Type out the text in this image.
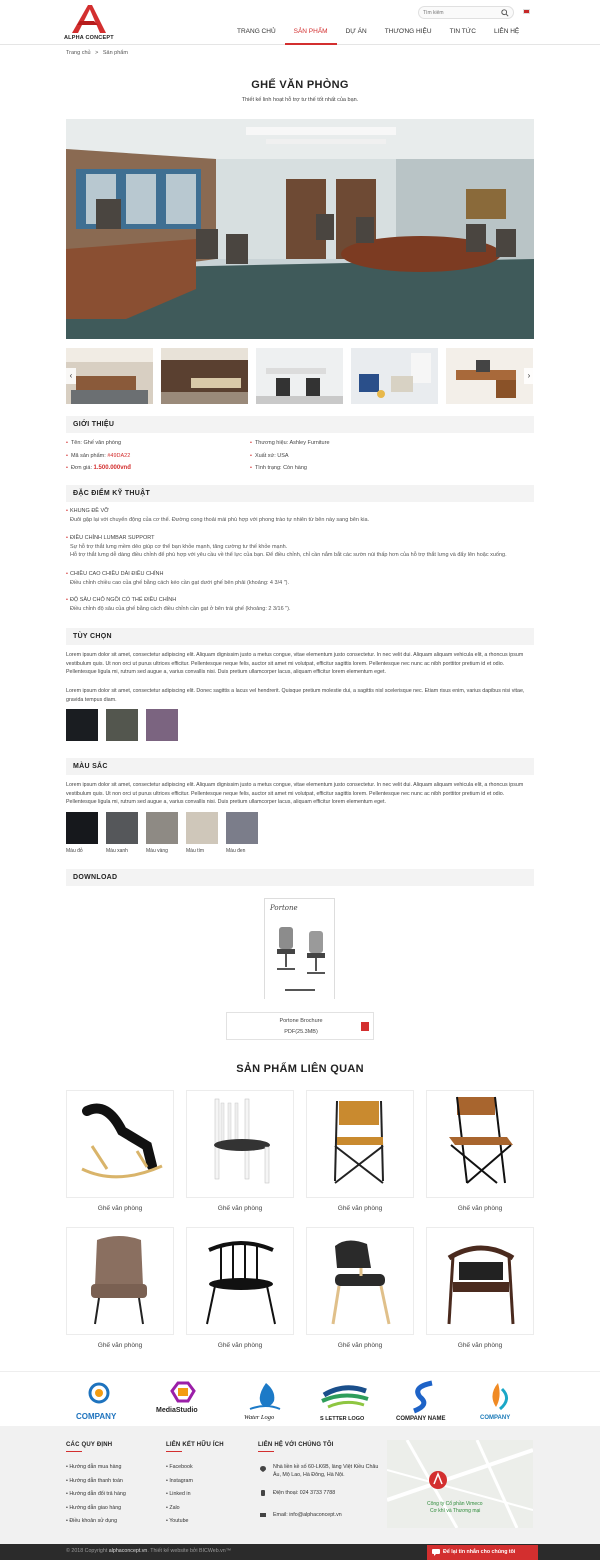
ALPHA CONCEPT
Tìm kiếm
TRANG CHỦ	SẢN PHẨM	DỰ ÁN	THƯƠNG HIỆU	TIN TỨC	LIÊN HỆ
Trang chủ > Sản phẩm
GHẾ VĂN PHÒNG
Thiết kế linh hoạt hỗ trợ tư thế tốt nhất của bạn.
‹	›
GIỚI THIỆU
• Tên: Ghế văn phòng
• Mã sản phẩm: #49DA22
• Đơn giá: 1.500.000vnđ
• Thương hiệu: Ashley Furniture
• Xuất xứ: USA
• Tình trạng: Còn hàng
ĐẶC ĐIỂM KỸ THUẬT
• KHUNG ĐỀ VỠ
Đuôi gập lại với chuyển động của cơ thể. Đường cong thoải mái phù hợp với phong trào tự nhiên từ bên này sang bên kia.
• ĐIỀU CHỈNH LUMBAR SUPPORT
Sự hỗ trợ thắt lưng mềm dẻo giúp cơ thể bạn khỏe mạnh, tăng cường tư thế khỏe mạnh.
Hỗ trợ thắt lưng dễ dàng điều chỉnh để phù hợp với yêu cầu về thể lực của bạn. Để điều chỉnh, chỉ cần nắm bắt các sườn núi thấp hơn của hỗ trợ thắt lưng và đẩy lên hoặc xuống.
• CHIỀU CAO CHIỀU DÀI ĐIỀU CHỈNH
Điều chỉnh chiều cao của ghế bằng cách kéo cần gạt dưới ghế bên phải (khoảng: 4 3/4 ").
• ĐỘ SÂU CHỖ NGỒI CÓ THỂ ĐIỀU CHỈNH
Điều chỉnh độ sâu của ghế bằng cách điều chỉnh cần gạt ở bên trái ghế (khoảng: 2 3/16 ").
TÙY CHỌN
Lorem ipsum dolor sit amet, consectetur adipiscing elit. Aliquam dignissim justo a metus congue, vitae elementum justo consectetur. In nec velit dui. Aliquam aliquam vehicula elit, a rhoncus ipsum vestibulum quis. Ut non orci ut purus ultrices efficitur. Pellentesque neque felis, auctor sit amet mi volutpat, efficitur sagittis lorem. Pellentesque nec nunc ac nibh porttitor pretium id et odio. Pellentesque ligula mi, rutrum sed augue a, varius convallis nisi. Duis pretium ullamcorper lacus, aliquam efficitur lorem elementum eget.
Lorem ipsum dolor sit amet, consectetur adipiscing elit. Donec sagittis a lacus vel hendrerit. Quisque pretium molestie dui, a sagittis nisl scelerisque nec. Etiam risus enim, varius dapibus nisi vitae, gravida tempus diam.
MÀU SẮC
Lorem ipsum dolor sit amet, consectetur adipiscing elit. Aliquam dignissim justo a metus congue, vitae elementum justo consectetur. In nec velit dui. Aliquam aliquam vehicula elit, a rhoncus ipsum vestibulum quis. Ut non orci ut purus ultrices efficitur. Pellentesque neque felis, auctor sit amet mi volutpat, efficitur sagittis lorem. Pellentesque nec nunc ac nibh porttitor pretium id et odio. Pellentesque ligula mi, rutrum sed augue a, varius convallis nisi. Duis pretium ullamcorper lacus, aliquam efficitur lorem elementum eget.
Màu đỏ	Màu xanh	Màu vàng	Màu tím	Màu đen
DOWNLOAD
Portone
Portone Brochure
PDF(25.3MB)
SẢN PHẨM LIÊN QUAN
Ghế văn phòng	Ghế văn phòng	Ghế văn phòng	Ghế văn phòng
Ghế văn phòng	Ghế văn phòng	Ghế văn phòng	Ghế văn phòng
COMPANY
MediaStudio
Water Logo	S LETTER LOGO	COMPANY NAME	COMPANY
CÁC QUY ĐỊNH
• Hướng dẫn mua hàng
• Hướng dẫn thanh toán
• Hướng dẫn đổi trả hàng
• Hướng dẫn giao hàng
• Điều khoản sử dụng
LIÊN KẾT HỮU ÍCH
• Facebook
• Instagram
• Linked in
• Zalo
• Youtube
LIÊN HỆ VỚI CHÚNG TÔI
Nhà liền kề số 60-LK6B, làng Việt Kiều Châu Âu, Mộ Lao, Hà Đông, Hà Nội.
Điện thoại: 024 3733 7788
Email: info@alphaconcept.vn
Công ty Cổ phần Vimeco
Cơ khí và Thương mại
© 2018 Copyright alphaconcept.vn. Thiết kế website bởi BICWeb.vn™	Để lại tin nhắn cho chúng tôi
